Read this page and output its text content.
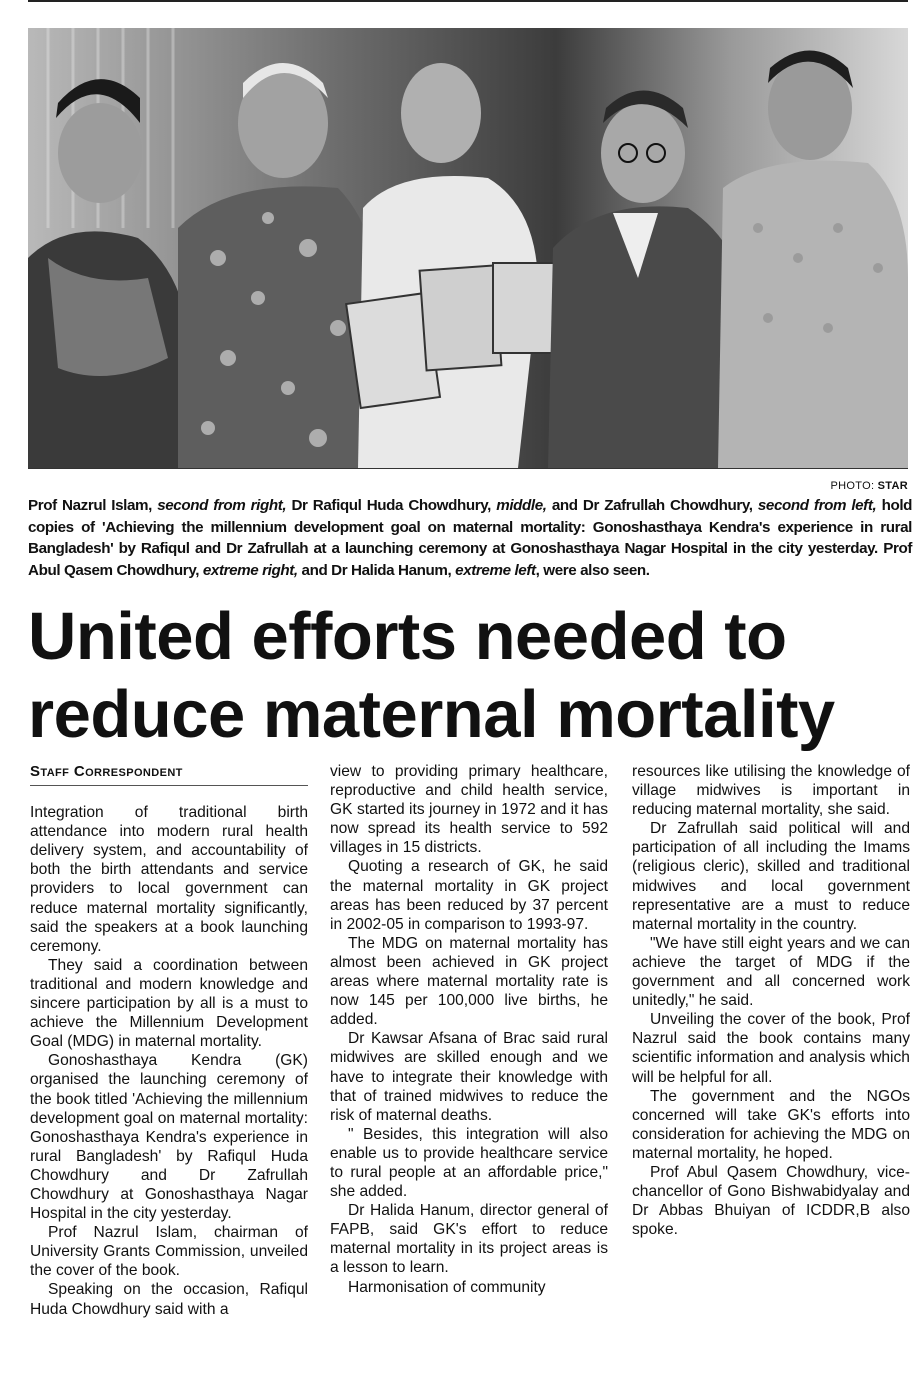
PHOTO: STAR
Prof Nazrul Islam, second from right, Dr Rafiqul Huda Chowdhury, middle, and Dr Zafrullah Chowdhury, second from left, hold copies of 'Achieving the millennium development goal on maternal mortality: Gonoshasthaya Kendra's experience in rural Bangladesh' by Rafiqul and Dr Zafrullah at a launching ceremony at Gonoshasthaya Nagar Hospital in the city yesterday. Prof Abul Qasem Chowdhury, extreme right, and Dr Halida Hanum, extreme left, were also seen.
United efforts needed to reduce maternal mortality
Staff Correspondent

Integration of traditional birth attendance into modern rural health delivery system, and accountability of both the birth attendants and service providers to local government can reduce maternal mortality significantly, said the speakers at a book launching ceremony.

They said a coordination between traditional and modern knowledge and sincere participation by all is a must to achieve the Millennium Development Goal (MDG) in maternal mortality.

Gonoshasthaya Kendra (GK) organised the launching ceremony of the book titled 'Achieving the millennium development goal on maternal mortality: Gonoshasthaya Kendra's experience in rural Bangladesh' by Rafiqul Huda Chowdhury and Dr Zafrullah Chowdhury at Gonoshasthaya Nagar Hospital in the city yesterday.

Prof Nazrul Islam, chairman of University Grants Commission, unveiled the cover of the book.

Speaking on the occasion, Rafiqul Huda Chowdhury said with a

view to providing primary healthcare, reproductive and child health service, GK started its journey in 1972 and it has now spread its health service to 592 villages in 15 districts.

Quoting a research of GK, he said the maternal mortality in GK project areas has been reduced by 37 percent in 2002-05 in comparison to 1993-97.

The MDG on maternal mortality has almost been achieved in GK project areas where maternal mortality rate is now 145 per 100,000 live births, he added.

Dr Kawsar Afsana of Brac said rural midwives are skilled enough and we have to integrate their knowledge with that of trained midwives to reduce the risk of maternal deaths.

" Besides, this integration will also enable us to provide healthcare service to rural people at an affordable price," she added.

Dr Halida Hanum, director general of FAPB, said GK's effort to reduce maternal mortality in its project areas is a lesson to learn.

Harmonisation of community

resources like utilising the knowledge of village midwives is important in reducing maternal mortality, she said.

Dr Zafrullah said political will and participation of all including the Imams (religious cleric), skilled and traditional midwives and local government representative are a must to reduce maternal mortality in the country.

"We have still eight years and we can achieve the target of MDG if the government and all concerned work unitedly," he said.

Unveiling the cover of the book, Prof Nazrul said the book contains many scientific information and analysis which will be helpful for all.

The government and the NGOs concerned will take GK's efforts into consideration for achieving the MDG on maternal mortality, he hoped.

Prof Abul Qasem Chowdhury, vice-chancellor of Gono Bishwabidyalay and Dr Abbas Bhuiyan of ICDDR,B also spoke.
